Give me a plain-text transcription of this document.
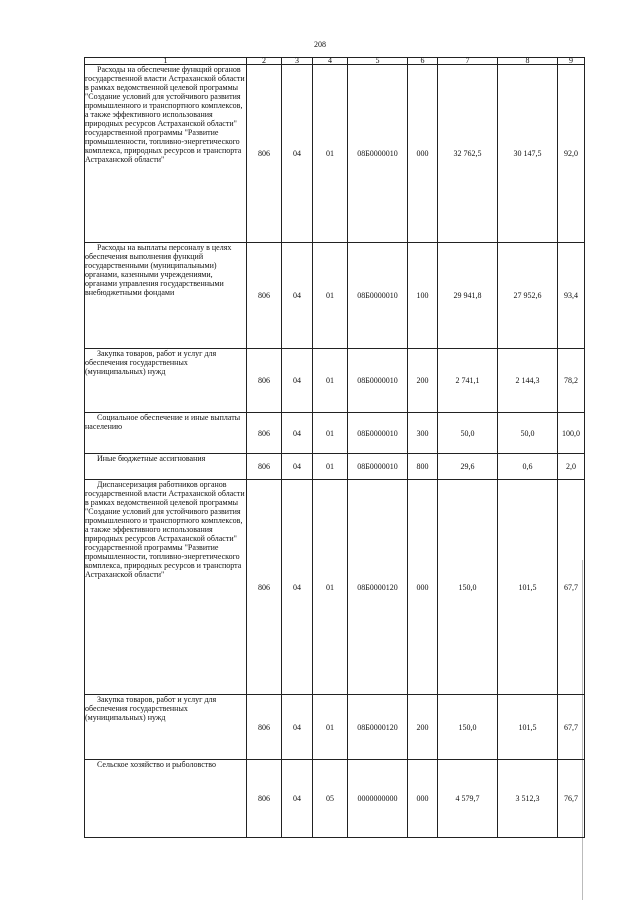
208
1	2	3	4	5	6	7	8	9

Расходы на обеспечение функций органов государственной власти Астраханской области в рамках ведомственной целевой программы "Создание условий для устойчивого развития промышленного и транспортного комплексов, а также эффективного использования природных ресурсов Астраханской области" государственной программы "Развитие промышленности, топливно-энергетического комплекса, природных ресурсов и транспорта Астраханской области"	806	04	01	08Б0000010	000	32 762,5	30 147,5	92,0

Расходы на выплаты персоналу в целях обеспечения выполнения функций государственными (муниципальными) органами, казенными учреждениями, органами управления государственными внебюджетными фондами	806	04	01	08Б0000010	100	29 941,8	27 952,6	93,4

Закупка товаров, работ и услуг для обеспечения государственных (муниципальных) нужд	806	04	01	08Б0000010	200	2 741,1	2 144,3	78,2

Социальное обеспечение и иные выплаты населению	806	04	01	08Б0000010	300	50,0	50,0	100,0

Иные бюджетные ассигнования	806	04	01	08Б0000010	800	29,6	0,6	2,0

Диспансеризация работников органов государственной власти Астраханской области в рамках ведомственной целевой программы "Создание условий для устойчивого развития промышленного и транспортного комплексов, а также эффективного использования природных ресурсов Астраханской области" государственной программы "Развитие промышленности, топливно-энергетического комплекса, природных ресурсов и транспорта Астраханской области"	806	04	01	08Б0000120	000	150,0	101,5	67,7

Закупка товаров, работ и услуг для обеспечения государственных (муниципальных) нужд	806	04	01	08Б0000120	200	150,0	101,5	67,7

Сельское хозяйство и рыболовство	806	04	05	0000000000	000	4 579,7	3 512,3	76,7
